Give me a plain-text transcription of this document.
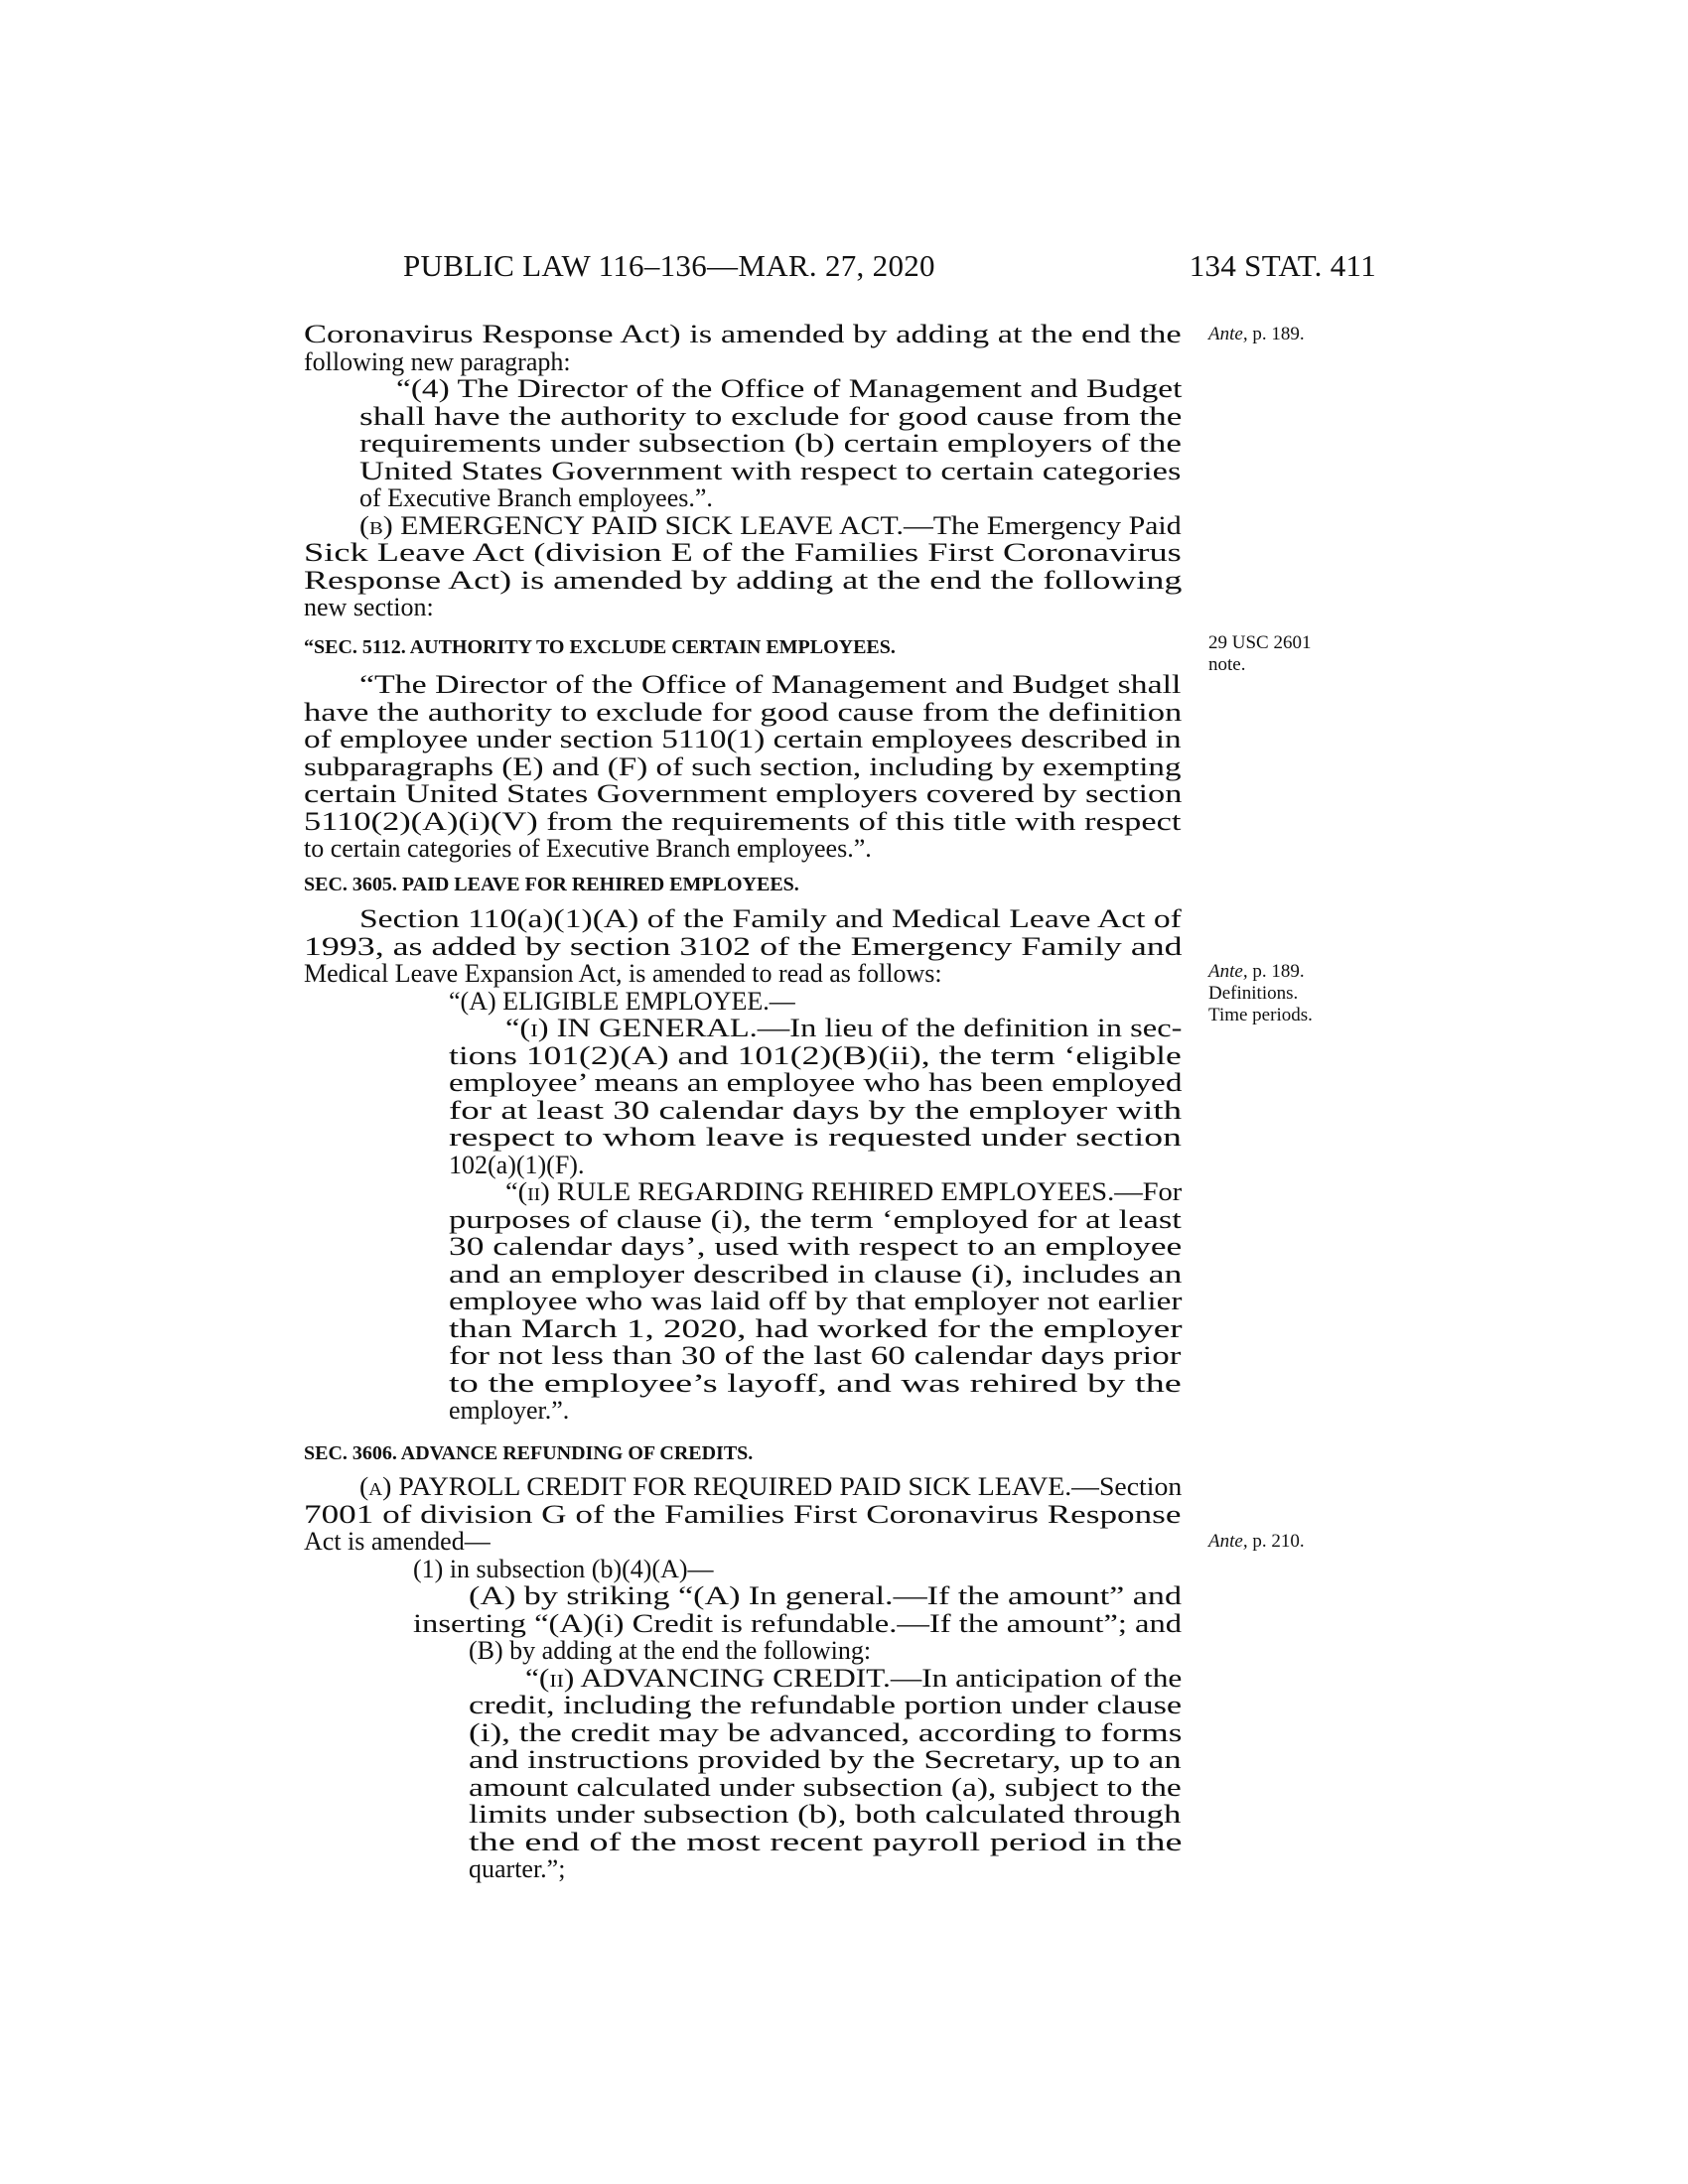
PUBLIC LAW 116–136—MAR. 27, 2020	134 STAT. 411
Ante, p. 189.
29 USC 2601
note.
Ante, p. 189.
Definitions.
Time periods.
Ante, p. 210.
Coronavirus Response Act) is amended by adding at the end the
following new paragraph:
“(4) The Director of the Office of Management and Budget
shall have the authority to exclude for good cause from the
requirements under subsection (b) certain employers of the
United States Government with respect to certain categories
of Executive Branch employees.”.
(b) EMERGENCY PAID SICK LEAVE ACT.—The Emergency Paid
Sick Leave Act (division E of the Families First Coronavirus
Response Act) is amended by adding at the end the following
new section:
“The Director of the Office of Management and Budget shall
have the authority to exclude for good cause from the definition
of employee under section 5110(1) certain employees described in
subparagraphs (E) and (F) of such section, including by exempting
certain United States Government employers covered by section
5110(2)(A)(i)(V) from the requirements of this title with respect
to certain categories of Executive Branch employees.”.
Section 110(a)(1)(A) of the Family and Medical Leave Act of
1993, as added by section 3102 of the Emergency Family and
Medical Leave Expansion Act, is amended to read as follows:
“(A) ELIGIBLE EMPLOYEE.—
“(i) IN GENERAL.—In lieu of the definition in sec-
tions 101(2)(A) and 101(2)(B)(ii), the term ‘eligible
employee’ means an employee who has been employed
for at least 30 calendar days by the employer with
respect to whom leave is requested under section
102(a)(1)(F).
“(ii) RULE REGARDING REHIRED EMPLOYEES.—For
purposes of clause (i), the term ‘employed for at least
30 calendar days’, used with respect to an employee
and an employer described in clause (i), includes an
employee who was laid off by that employer not earlier
than March 1, 2020, had worked for the employer
for not less than 30 of the last 60 calendar days prior
to the employee’s layoff, and was rehired by the
employer.”.
(a) PAYROLL CREDIT FOR REQUIRED PAID SICK LEAVE.—Section
7001 of division G of the Families First Coronavirus Response
Act is amended—
(1) in subsection (b)(4)(A)—
(A) by striking “(A) In general.—If the amount” and
inserting “(A)(i) Credit is refundable.—If the amount”; and
(B) by adding at the end the following:
“(ii) ADVANCING CREDIT.—In anticipation of the
credit, including the refundable portion under clause
(i), the credit may be advanced, according to forms
and instructions provided by the Secretary, up to an
amount calculated under subsection (a), subject to the
limits under subsection (b), both calculated through
the end of the most recent payroll period in the
quarter.”;
“SEC. 5112. AUTHORITY TO EXCLUDE CERTAIN EMPLOYEES.
SEC. 3605. PAID LEAVE FOR REHIRED EMPLOYEES.
SEC. 3606. ADVANCE REFUNDING OF CREDITS.
